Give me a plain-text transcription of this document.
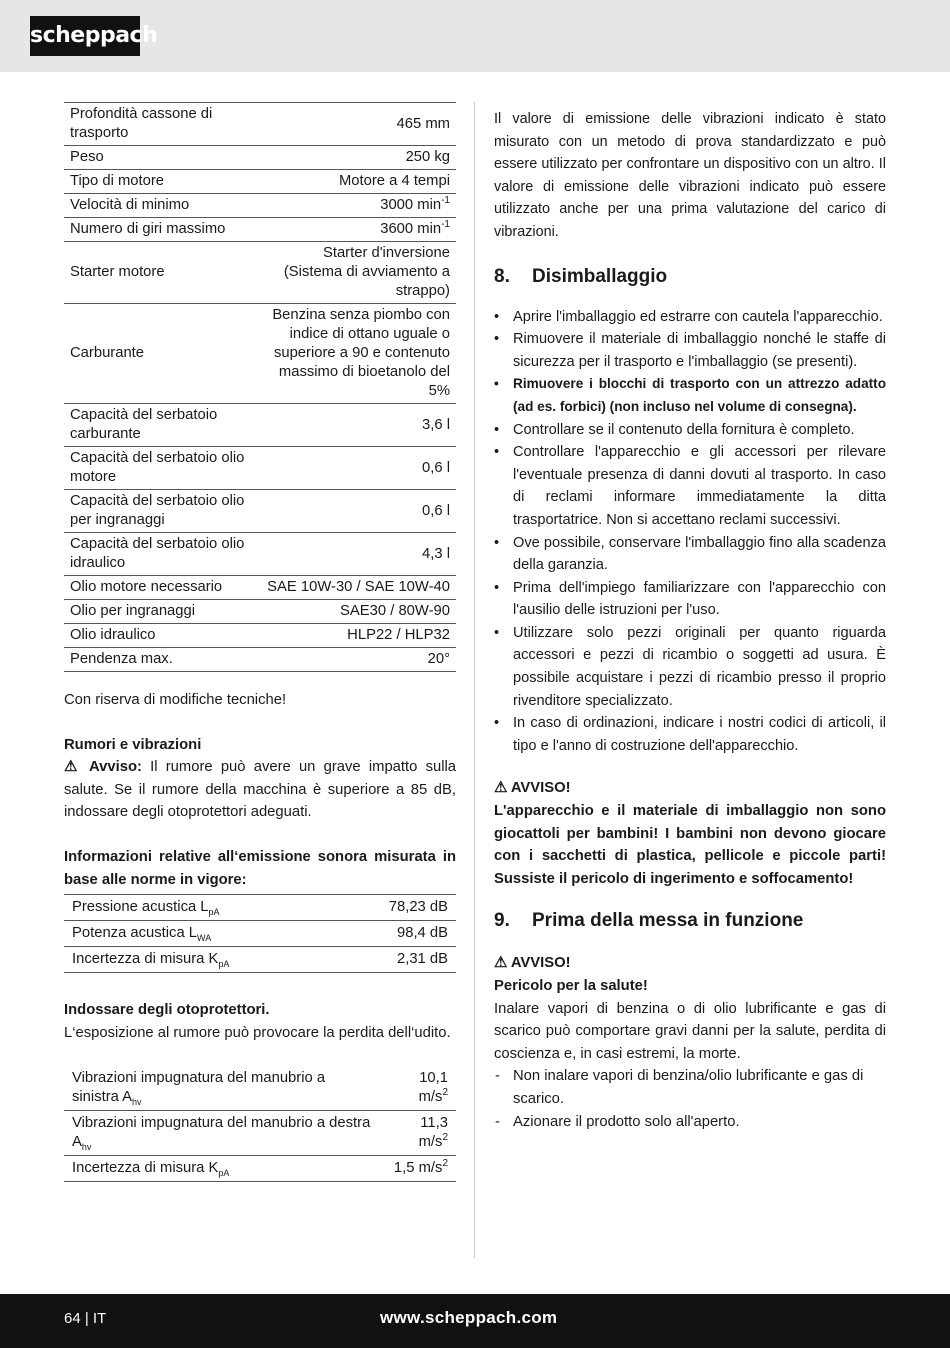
scheppach
Profondità cassone di trasporto	465 mm
Peso	250 kg
Tipo di motore	Motore a 4 tempi
Velocità di minimo	3000 $\min^{-1}$
Numero di giri massimo	3600 $\min^{-1}$
Starter motore	Starter d'inversione (Sistema di avviamento a strappo)
Carburante	Benzina senza piombo con indice di ottano uguale o superiore a 90 e contenuto massimo di bioetanolo del 5%
Capacità del serbatoio carburante	3,6 l
Capacità del serbatoio olio motore	0,6 l
Capacità del serbatoio olio per ingranaggi	0,6 l
Capacità del serbatoio olio idraulico	4,3 l
Olio motore necessario	SAE 10W-30 / SAE 10W-40
Olio per ingranaggi	SAE30 / 80W-90
Olio idraulico	HLP22 / HLP32
Pendenza max.	20°

Con riserva di modifiche tecniche!

Rumori e vibrazioni

⚠ Avviso: Il rumore può avere un grave impatto sulla salute. Se il rumore della macchina è superiore a 85 dB, indossare degli otoprotettori adeguati.

Informazioni relative all‘emissione sonora misurata in base alle norme in vigore:

Pressione acustica $L_{pA}$	78,23 dB
Potenza acustica $L_{WA}$	98,4 dB
Incertezza di misura $K_{pA}$	2,31 dB

Indossare degli otoprotettori.

L‘esposizione al rumore può provocare la perdita dell‘udito.

Vibrazioni impugnatura del manubrio a sinistra $A_{hv}$	10,1 $m/s^2$
Vibrazioni impugnatura del manubrio a destra $A_{hv}$	11,3 $m/s^2$
Incertezza di misura $K_{pA}$	1,5 $m/s^2$

Il valore di emissione delle vibrazioni indicato è stato misurato con un metodo di prova standardizzato e può essere utilizzato per confrontare un dispositivo con un altro. Il valore di emissione delle vibrazioni indicato può essere utilizzato anche per una prima valutazione del carico di vibrazioni.

8. Disimballaggio
• Aprire l'imballaggio ed estrarre con cautela l'apparecchio.
• Rimuovere il materiale di imballaggio nonché le staffe di sicurezza per il trasporto e l'imballaggio (se presenti).
• Rimuovere i blocchi di trasporto con un attrezzo adatto (ad es. forbici) (non incluso nel volume di consegna).
• Controllare se il contenuto della fornitura è completo.
• Controllare l'apparecchio e gli accessori per rilevare l'eventuale presenza di danni dovuti al trasporto. In caso di reclami informare immediatamente la ditta trasportatrice. Non si accettano reclami successivi.
• Ove possibile, conservare l'imballaggio fino alla scadenza della garanzia.
• Prima dell'impiego familiarizzare con l'apparecchio con l'ausilio delle istruzioni per l'uso.
• Utilizzare solo pezzi originali per quanto riguarda accessori e pezzi di ricambio o soggetti ad usura. È possibile acquistare i pezzi di ricambio presso il proprio rivenditore specializzato.
• In caso di ordinazioni, indicare i nostri codici di articoli, il tipo e l'anno di costruzione dell'apparecchio.

⚠ AVVISO!

L'apparecchio e il materiale di imballaggio non sono giocattoli per bambini! I bambini non devono giocare con i sacchetti di plastica, pellicole e piccole parti! Sussiste il pericolo di ingerimento e soffocamento!

9. Prima della messa in funzione

⚠ AVVISO!

Pericolo per la salute!

Inalare vapori di benzina o di olio lubrificante e gas di scarico può comportare gravi danni per la salute, perdita di coscienza e, in casi estremi, la morte.

- Non inalare vapori di benzina/olio lubrificante e gas di scarico.
- Azionare il prodotto solo all'aperto.
64 | IT	www.scheppach.com
